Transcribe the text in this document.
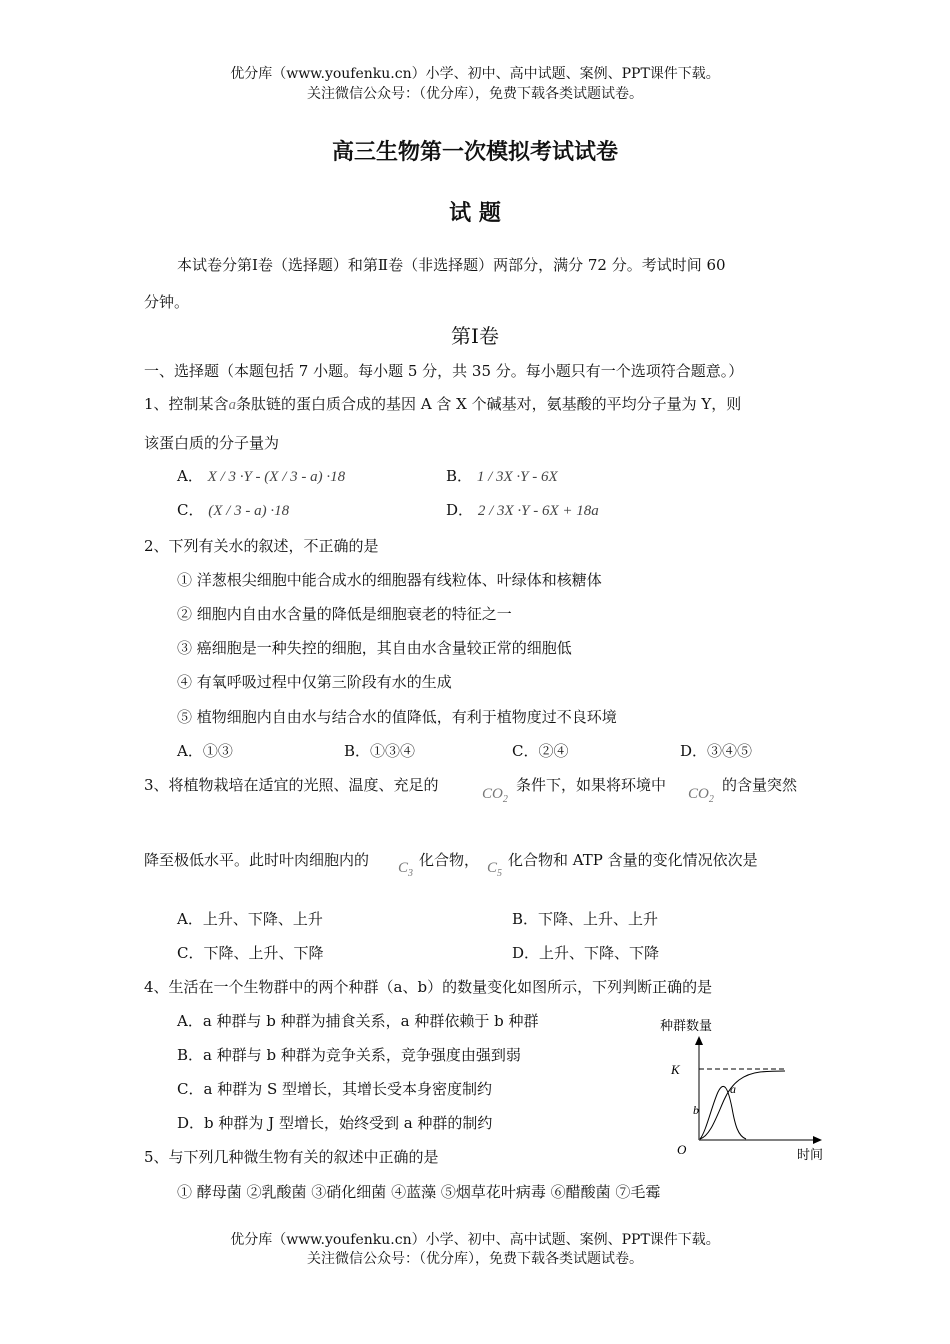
优分库（www.youfenku.cn）小学、初中、高中试题、案例、PPT课件下载。
关注微信公众号：（优分库），免费下载各类试题试卷。
高三生物第一次模拟考试试卷
试 题
本试卷分第Ⅰ卷（选择题）和第Ⅱ卷（非选择题）两部分，满分 72 分。考试时间 60
分钟。
第Ⅰ卷
一、选择题（本题包括 7 小题。每小题 5 分，共 35 分。每小题只有一个选项符合题意。）
1、控制某含a条肽链的蛋白质合成的基因 A 含 X 个碱基对，氨基酸的平均分子量为 Y，则
该蛋白质的分子量为
A． X / 3 ·Y - (X / 3 - a) ·18	B． 1 / 3X ·Y - 6X
C． (X / 3 - a) ·18	D． 2 / 3X ·Y - 6X + 18a
2、下列有关水的叙述，不正确的是
① 洋葱根尖细胞中能合成水的细胞器有线粒体、叶绿体和核糖体
② 细胞内自由水含量的降低是细胞衰老的特征之一
③ 癌细胞是一种失控的细胞，其自由水含量较正常的细胞低
④ 有氧呼吸过程中仅第三阶段有水的生成
⑤ 植物细胞内自由水与结合水的值降低，有利于植物度过不良环境
A．①③	B．①③④	C．②④	D．③④⑤
3、将植物栽培在适宜的光照、温度、充足的	$CO_2$
条件下，如果将环境中 $CO_2$
的含量突然
降至极低水平。此时叶肉细胞内的 $C_3$
化合物， $C_5$
化合物和 ATP 含量的变化情况依次是
A．上升、下降、上升	B．下降、上升、上升
C．下降、上升、下降	D．上升、下降、下降
4、生活在一个生物群中的两个种群（a、b）的数量变化如图所示，下列判断正确的是
A．a 种群与 b 种群为捕食关系，a 种群依赖于 b 种群
B．a 种群与 b 种群为竞争关系，竞争强度由强到弱
C．a 种群为 S 型增长，其增长受本身密度制约
D．b 种群为 J 型增长，始终受到 a 种群的制约
种群数量
K
O
a
b
时间
5、与下列几种微生物有关的叙述中正确的是
① 酵母菌 ②乳酸菌 ③硝化细菌 ④蓝藻 ⑤烟草花叶病毒 ⑥醋酸菌 ⑦毛霉
优分库（www.youfenku.cn）小学、初中、高中试题、案例、PPT课件下载。
关注微信公众号：（优分库），免费下载各类试题试卷。
